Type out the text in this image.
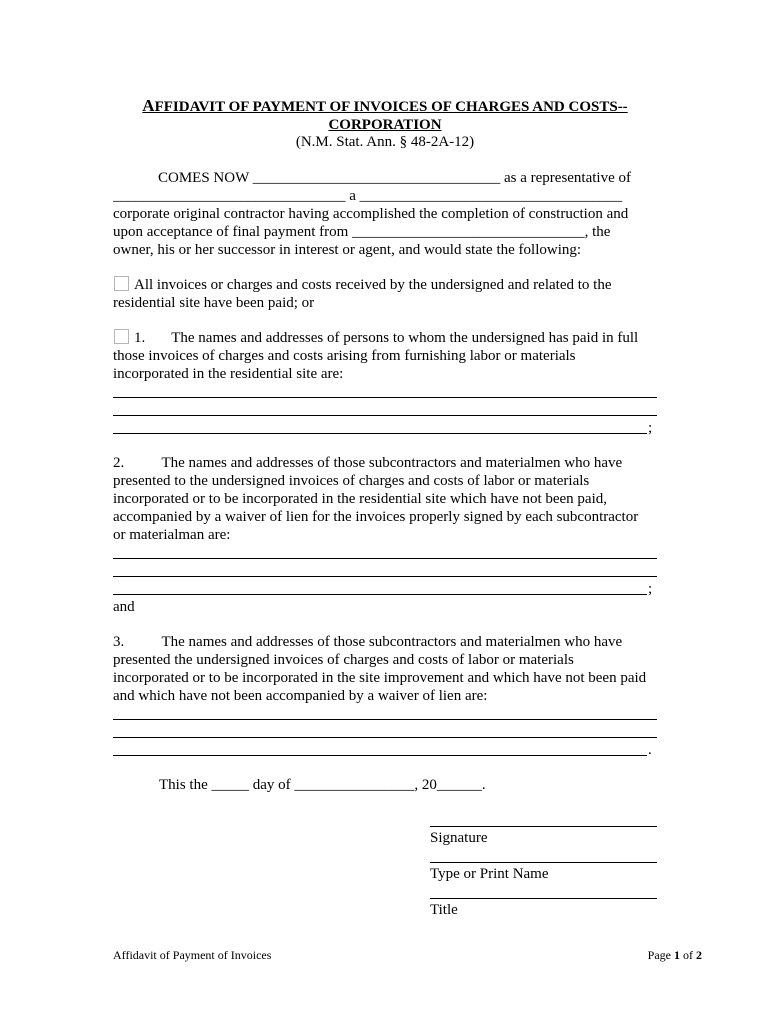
AFFIDAVIT OF PAYMENT OF INVOICES OF CHARGES AND COSTS--
CORPORATION
(N.M. Stat. Ann. § 48-2A-12)
COMES NOW _________________________________ as a representative of
_______________________________ a ___________________________________
corporate original contractor having accomplished the completion of construction and
upon acceptance of final payment from _______________________________, the
owner, his or her successor in interest or agent, and would state the following:
All invoices or charges and costs received by the undersigned and related to the
residential site have been paid; or
1.       The names and addresses of persons to whom the undersigned has paid in full
those invoices of charges and costs arising from furnishing labor or materials
incorporated in the residential site are:
;
2.          The names and addresses of those subcontractors and materialmen who have
presented to the undersigned invoices of charges and costs of labor or materials
incorporated or to be incorporated in the residential site which have not been paid,
accompanied by a waiver of lien for the invoices properly signed by each subcontractor
or materialman are:
;
and
3.          The names and addresses of those subcontractors and materialmen who have
presented the undersigned invoices of charges and costs of labor or materials
incorporated or to be incorporated in the site improvement and which have not been paid
and which have not been accompanied by a waiver of lien are:
.
This the _____ day of ________________, 20______.
Signature
Type or Print Name
Title
Affidavit of Payment of Invoices	Page 1 of 2
